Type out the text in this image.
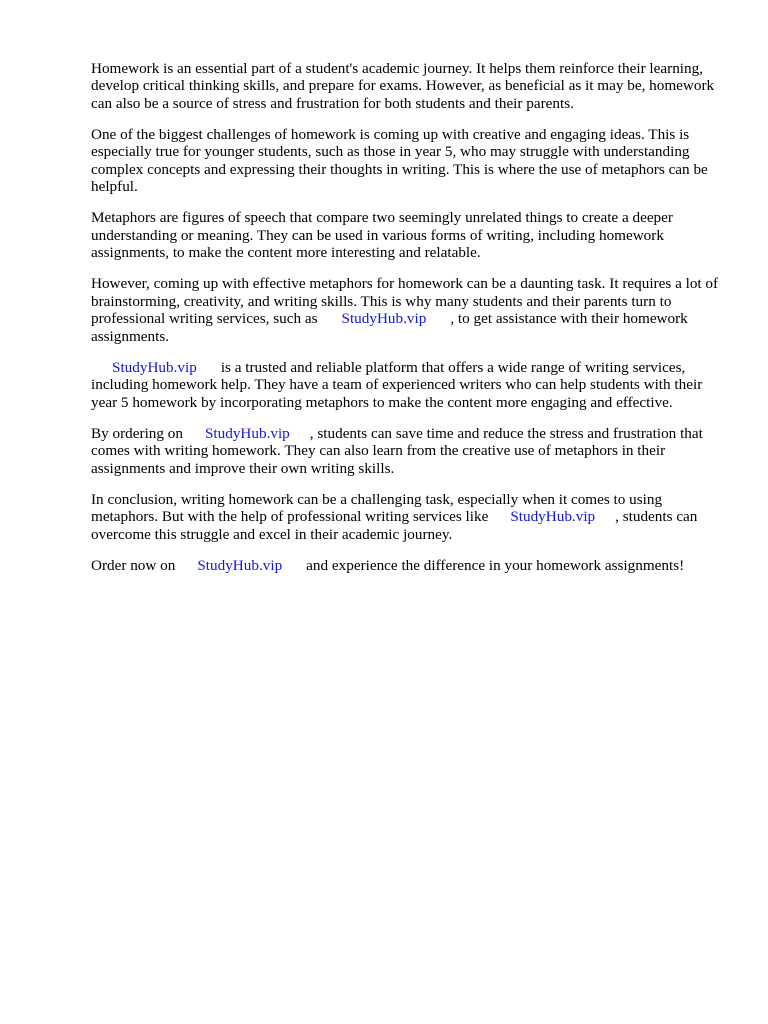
Homework is an essential part of a student's academic journey. It helps them reinforce their learning, develop critical thinking skills, and prepare for exams. However, as beneficial as it may be, homework can also be a source of stress and frustration for both students and their parents.

One of the biggest challenges of homework is coming up with creative and engaging ideas. This is especially true for younger students, such as those in year 5, who may struggle with understanding complex concepts and expressing their thoughts in writing. This is where the use of metaphors can be helpful.

Metaphors are figures of speech that compare two seemingly unrelated things to create a deeper understanding or meaning. They can be used in various forms of writing, including homework assignments, to make the content more interesting and relatable.

However, coming up with effective metaphors for homework can be a daunting task. It requires a lot of brainstorming, creativity, and writing skills. This is why many students and their parents turn to professional writing services, such as StudyHub.vip , to get assistance with their homework assignments.

StudyHub.vip is a trusted and reliable platform that offers a wide range of writing services, including homework help. They have a team of experienced writers who can help students with their year 5 homework by incorporating metaphors to make the content more engaging and effective.

By ordering on StudyHub.vip , students can save time and reduce the stress and frustration that comes with writing homework. They can also learn from the creative use of metaphors in their assignments and improve their own writing skills.

In conclusion, writing homework can be a challenging task, especially when it comes to using metaphors. But with the help of professional writing services like StudyHub.vip , students can overcome this struggle and excel in their academic journey.

Order now on StudyHub.vip and experience the difference in your homework assignments!
